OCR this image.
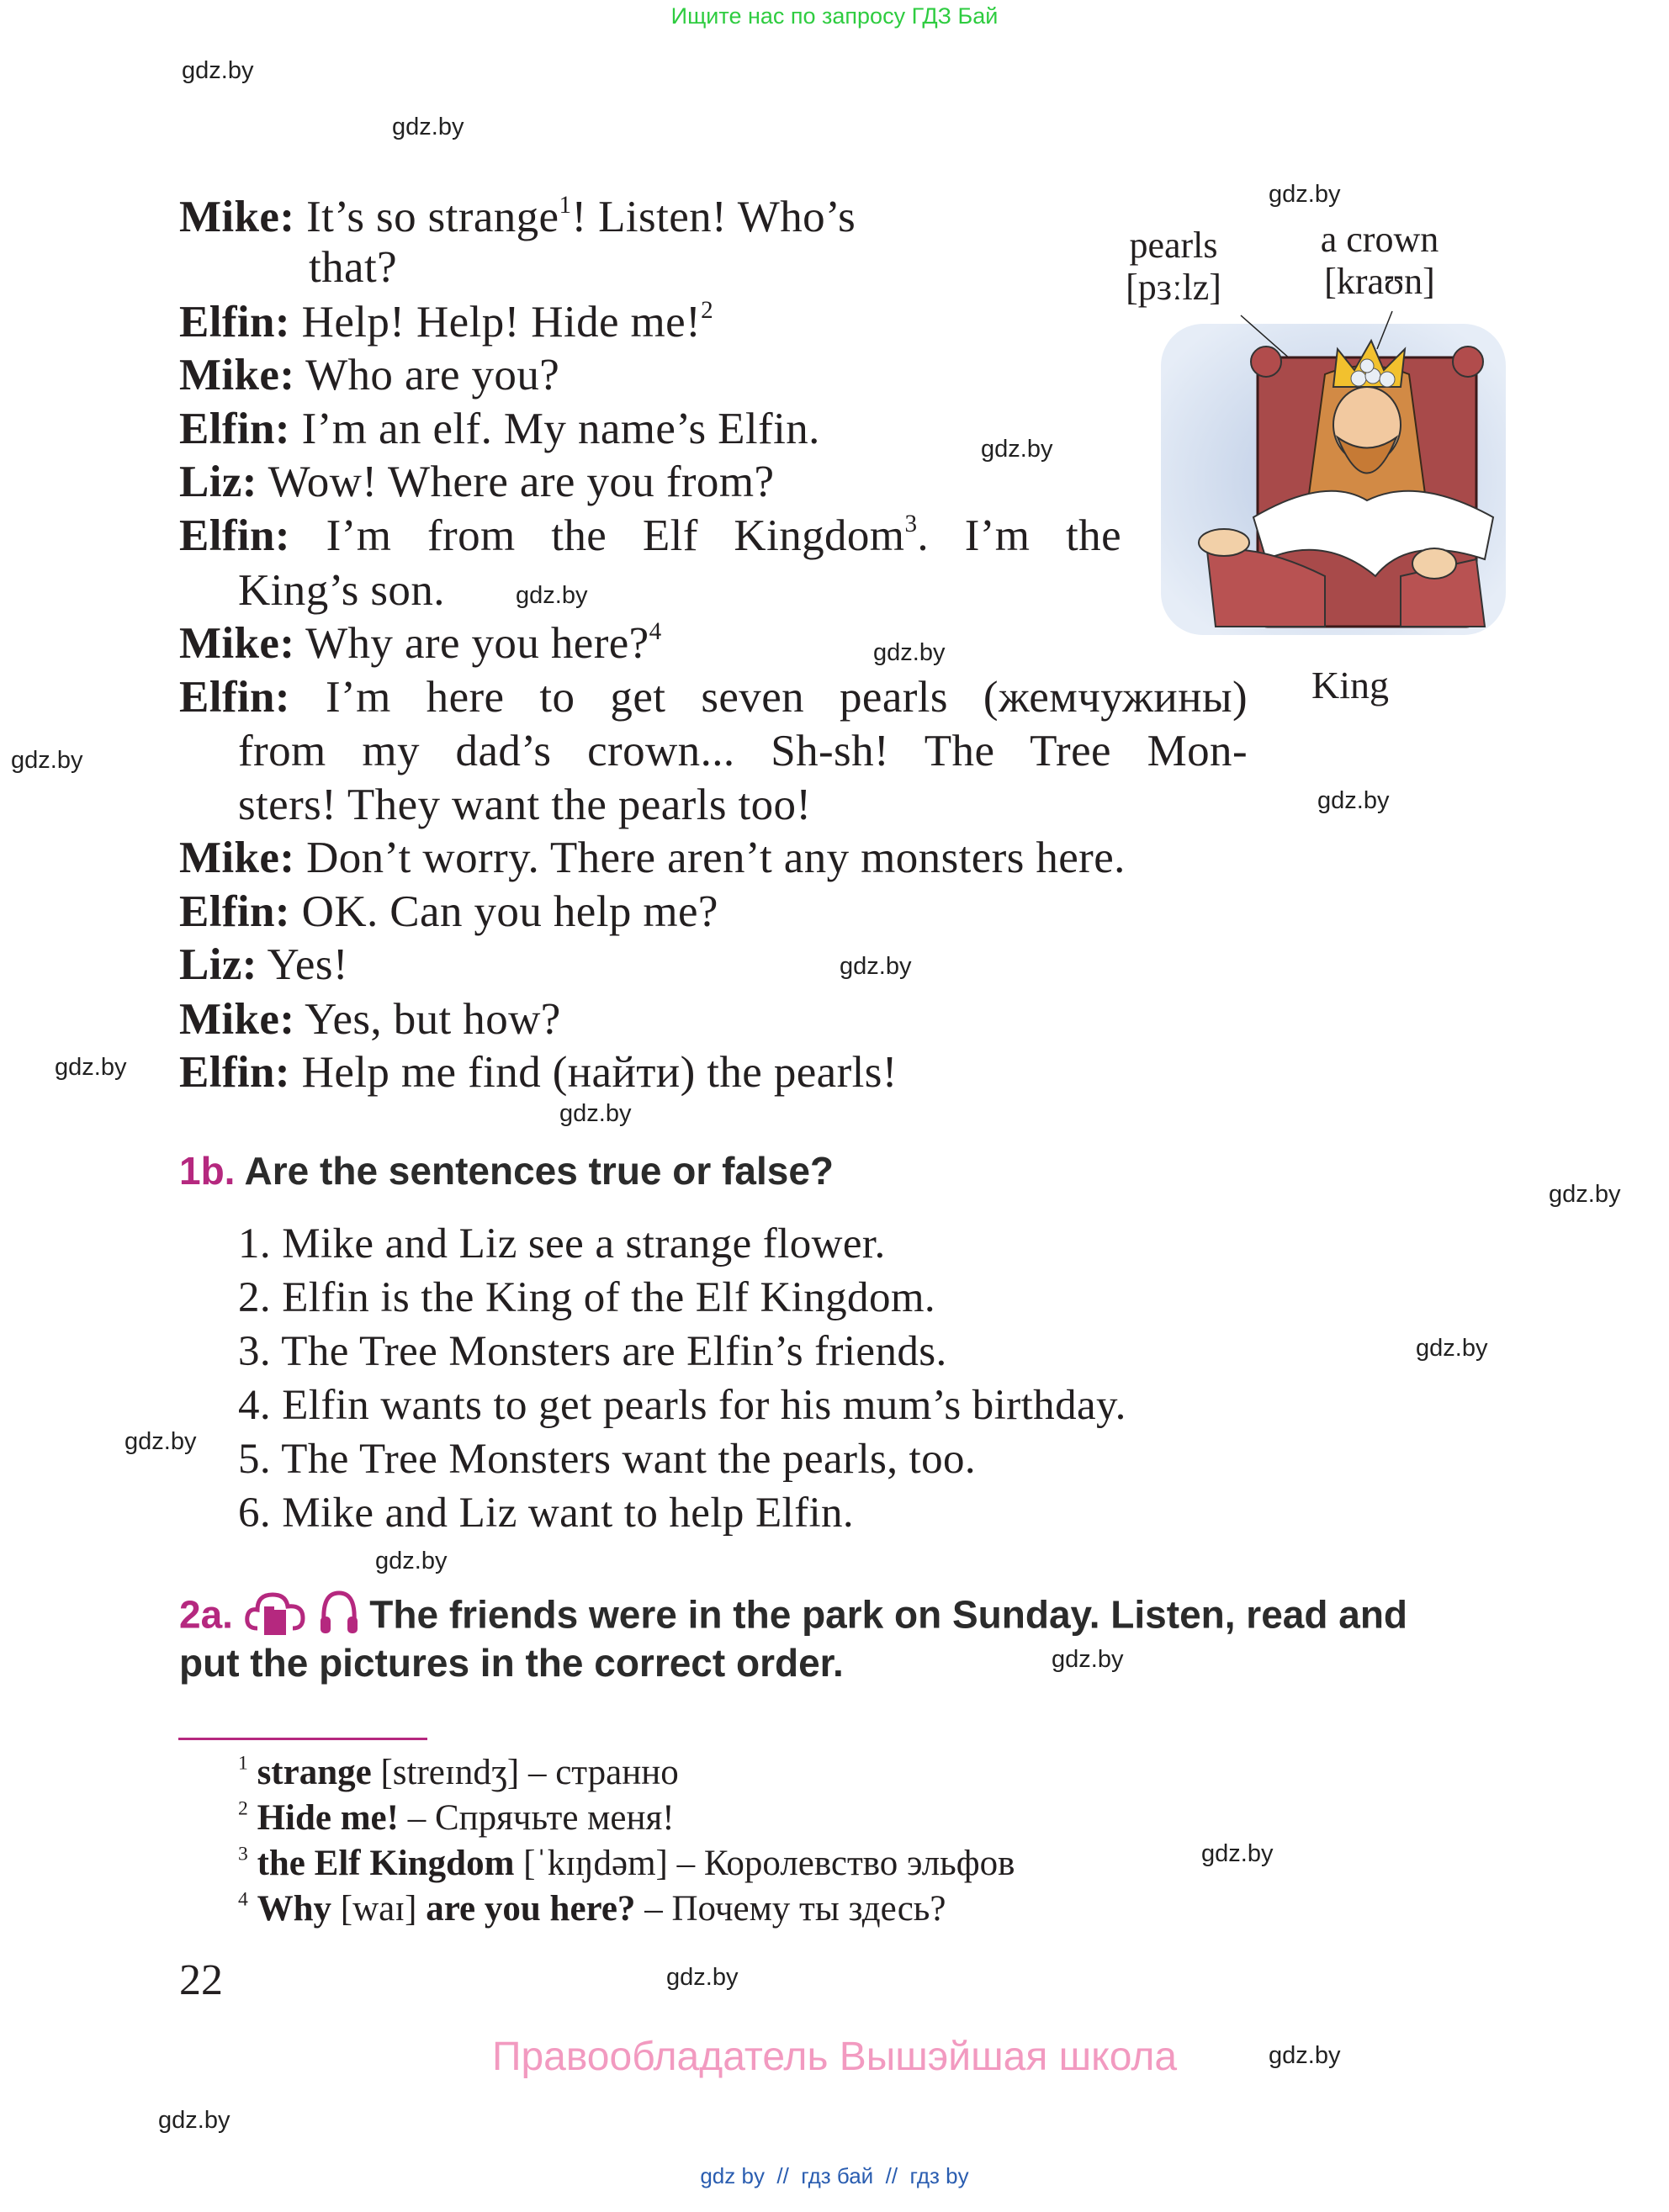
Ищите нас по запросу ГДЗ Бай
gdz.by
gdz.by
gdz.by
gdz.by
gdz.by
gdz.by
gdz.by
gdz.by
gdz.by
gdz.by
gdz.by
gdz.by
gdz.by
gdz.by
gdz.by
gdz.by
gdz.by
gdz.by
gdz.by
gdz.by
Mike: It’s so strange$^1$! Listen! Who’s
that?
Elfin: Help! Help! Hide me!$^2$
Mike: Who are you?
Elfin: I’m an elf. My name’s Elfin.
Liz: Wow! Where are you from?
Elfin: I’m from the Elf Kingdom$^3$. I’m the
King’s son.
Mike: Why are you here?$^4$
Elfin: I’m here to get seven pearls (жемчужины)
from my dad’s crown... Sh-sh! The Tree Mon-
sters! They want the pearls too!
Mike: Don’t worry. There aren’t any monsters here.
Elfin: OK. Can you help me?
Liz: Yes!
Mike: Yes, but how?
Elfin: Help me find (найти) the pearls!
pearls
[pɜːlz]
a crown
[kraʊn]
King
1b. Are the sentences true or false?
1. Mike and Liz see a strange flower.
2. Elfin is the King of the Elf Kingdom.
3. The Tree Monsters are Elfin’s friends.
4. Elfin wants to get pearls for his mum’s birthday.
5. The Tree Monsters want the pearls, too.
6. Mike and Liz want to help Elfin.
2a.	The friends were in the park on Sunday. Listen, read and
put the pictures in the correct order.
$^1$ strange [streɪndʒ] – странно
$^2$ Hide me! – Спрячьте меня!
$^3$ the Elf Kingdom [ˈkɪŋdəm] – Королевство эльфов
$^4$ Why [waɪ] are you here? – Почему ты здесь?
22
Правообладатель Вышэйшая школа
gdz by  //  гдз бай  //  гдз by
